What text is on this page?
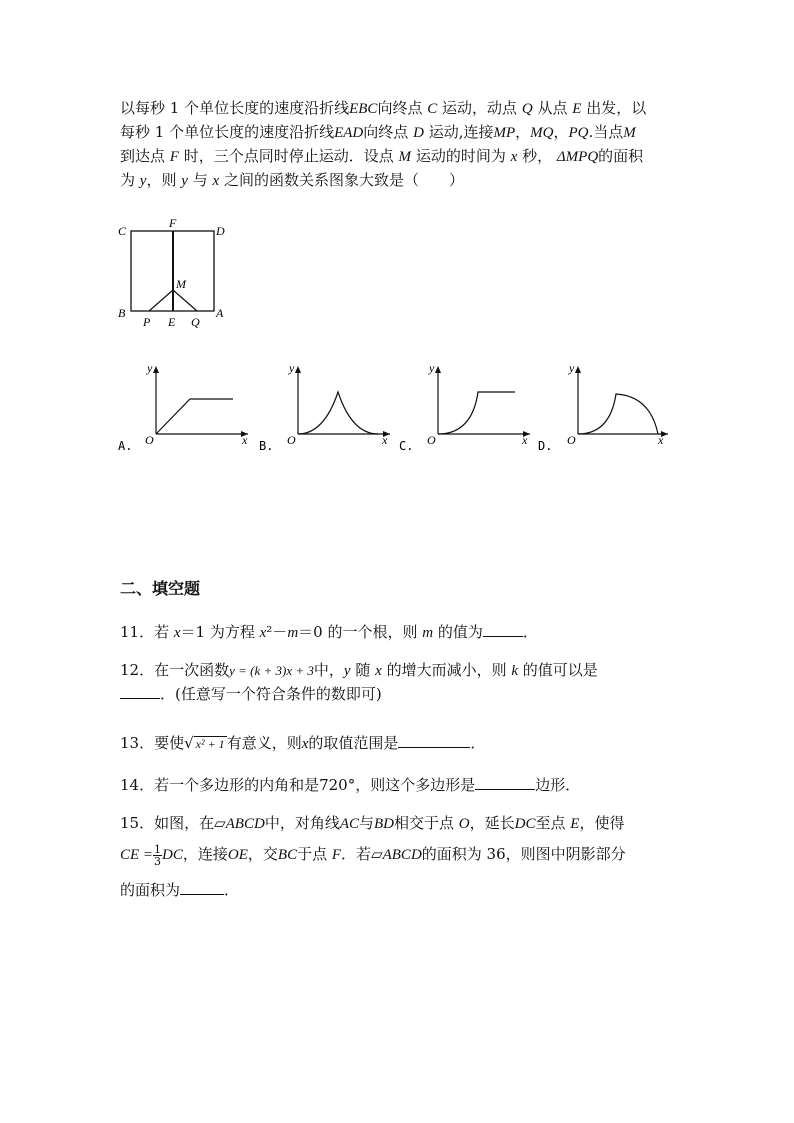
以每秒 1 个单位长度的速度沿折线EBC向终点 C 运动，动点 Q 从点 E 出发，以
每秒 1 个单位长度的速度沿折线EAD向终点 D 运动,连接MP，MQ，PQ.当点M
到达点 F 时，三个点同时停止运动．设点 M 运动的时间为 x 秒， ΔMPQ的面积
为 y，则 y 与 x 之间的函数关系图象大致是（　　）
C
F
D
M
B
P E Q
A
y
O	x
A.
y
O	x
B.
y
O	x
C.
y
O	x
D.
二、填空题
11．若 x＝1 为方程 x²－m＝0 的一个根，则 m 的值为	．
12．在一次函数y = (k + 3)x + 3中，y 随 x 的增大而减小，则 k 的值可以是
．(任意写一个符合条件的数即可)
13．要使√ x² + 1 有意义，则x的取值范围是	．
14．若一个多边形的内角和是720°，则这个多边形是	边形．
15．如图，在▱ABCD中，对角线AC与BD相交于点 O，延长DC至点 E，使得
CE = $\frac{1}{3}$ DC，连接OE，交BC于点 F．若▱ABCD的面积为 36，则图中阴影部分
的面积为	．
